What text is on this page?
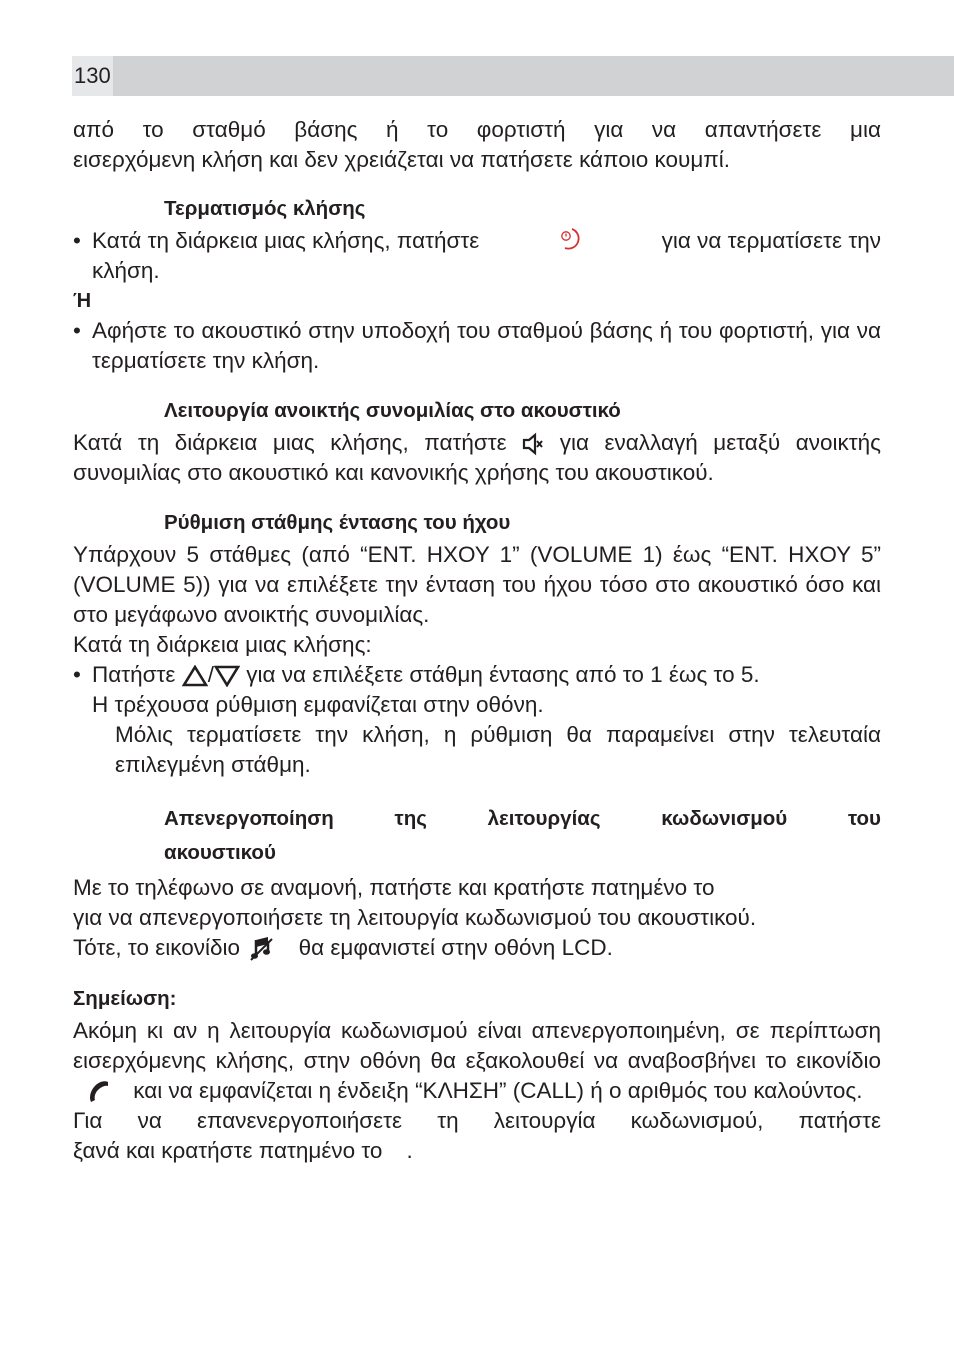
130

από το σταθμό βάσης ή το φορτιστή για να απαντήσετε μια

εισερχόμενη κλήση και δεν χρειάζεται να πατήσετε κάποιο κουμπί.

Τερματισμός κλήσης

• Κατά τη διάρκεια μιας κλήσης, πατήστε	για να τερματίσετε την
κλήση.

Ή

• Αφήστε το ακουστικό στην υποδοχή του σταθμού βάσης ή του φορτιστή, για να τερματίσετε την κλήση.

Λειτουργία ανοικτής συνομιλίας στο ακουστικό

Κατά τη διάρκεια μιας κλήσης, πατήστε για εναλλαγή μεταξύ ανοικτής συνομιλίας στο ακουστικό και κανονικής χρήσης του ακουστικού.

Ρύθμιση στάθμης έντασης του ήχου

Υπάρχουν 5 στάθμες (από “ΕΝΤ. ΗΧΟΥ 1” (VOLUME 1) έως “ΕΝΤ. ΗΧΟΥ 5” (VOLUME 5)) για να επιλέξετε την ένταση του ήχου τόσο στο ακουστικό όσο και στο μεγάφωνο ανοικτής συνομιλίας.

Κατά τη διάρκεια μιας κλήσης:

• Πατήστε / για να επιλέξετε στάθμη έντασης από το 1 έως το 5.
Η τρέχουσα ρύθμιση εμφανίζεται στην οθόνη.

Μόλις τερματίσετε την κλήση, η ρύθμιση θα παραμείνει στην τελευταία επιλεγμένη στάθμη.

Απενεργοποίηση της λειτουργίας κωδωνισμού του

ακουστικού

Με το τηλέφωνο σε αναμονή, πατήστε και κρατήστε πατημένο το

για να απενεργοποιήσετε τη λειτουργία κωδωνισμού του ακουστικού.

Τότε, το εικονίδιο	θα εμφανιστεί στην οθόνη LCD.

Σημείωση:

Ακόμη κι αν η λειτουργία κωδωνισμού είναι απενεργοποιημένη, σε περίπτωση εισερχόμενης κλήσης, στην οθόνη θα εξακολουθεί να αναβοσβήνει το εικονίδιο
και να εμφανίζεται η ένδειξη “ΚΛΗΣΗ” (CALL) ή ο αριθμός του καλούντος.

Για να επανενεργοποιήσετε τη λειτουργία κωδωνισμού, πατήστε

ξανά και κρατήστε πατημένο το .
